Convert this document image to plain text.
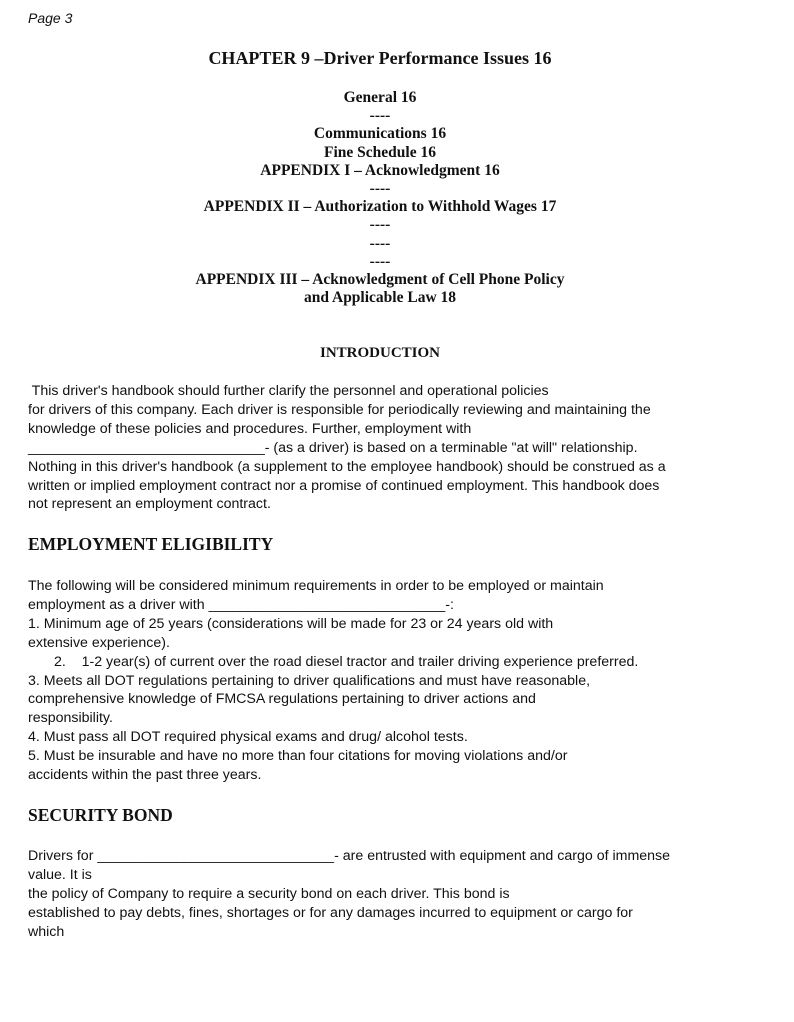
Page 3
CHAPTER 9 –Driver Performance Issues 16
General 16
----
Communications 16
Fine Schedule 16
APPENDIX I – Acknowledgment 16
----
APPENDIX II – Authorization to Withhold Wages 17
----
----
----
APPENDIX III – Acknowledgment of Cell Phone Policy
and Applicable Law 18
INTRODUCTION
This driver's handbook should further clarify the personnel and operational policies
for drivers of this company. Each driver is responsible for periodically reviewing and maintaining the
knowledge of these policies and procedures. Further, employment with
______________________________- (as a driver) is based on a terminable "at will" relationship.
Nothing in this driver's handbook (a supplement to the employee handbook) should be construed as a
written or implied employment contract nor a promise of continued employment. This handbook does
not represent an employment contract.
EMPLOYMENT ELIGIBILITY
The following will be considered minimum requirements in order to be employed or maintain
employment as a driver with ______________________________-:
1. Minimum age of 25 years (considerations will be made for 23 or 24 years old with
extensive experience).
2.    1-2 year(s) of current over the road diesel tractor and trailer driving experience preferred.
3. Meets all DOT regulations pertaining to driver qualifications and must have reasonable,
comprehensive knowledge of FMCSA regulations pertaining to driver actions and
responsibility.
4. Must pass all DOT required physical exams and drug/ alcohol tests.
5. Must be insurable and have no more than four citations for moving violations and/or
accidents within the past three years.
SECURITY BOND
Drivers for ______________________________- are entrusted with equipment and cargo of immense
value. It is
the policy of Company to require a security bond on each driver. This bond is
established to pay debts, fines, shortages or for any damages incurred to equipment or cargo for
which
